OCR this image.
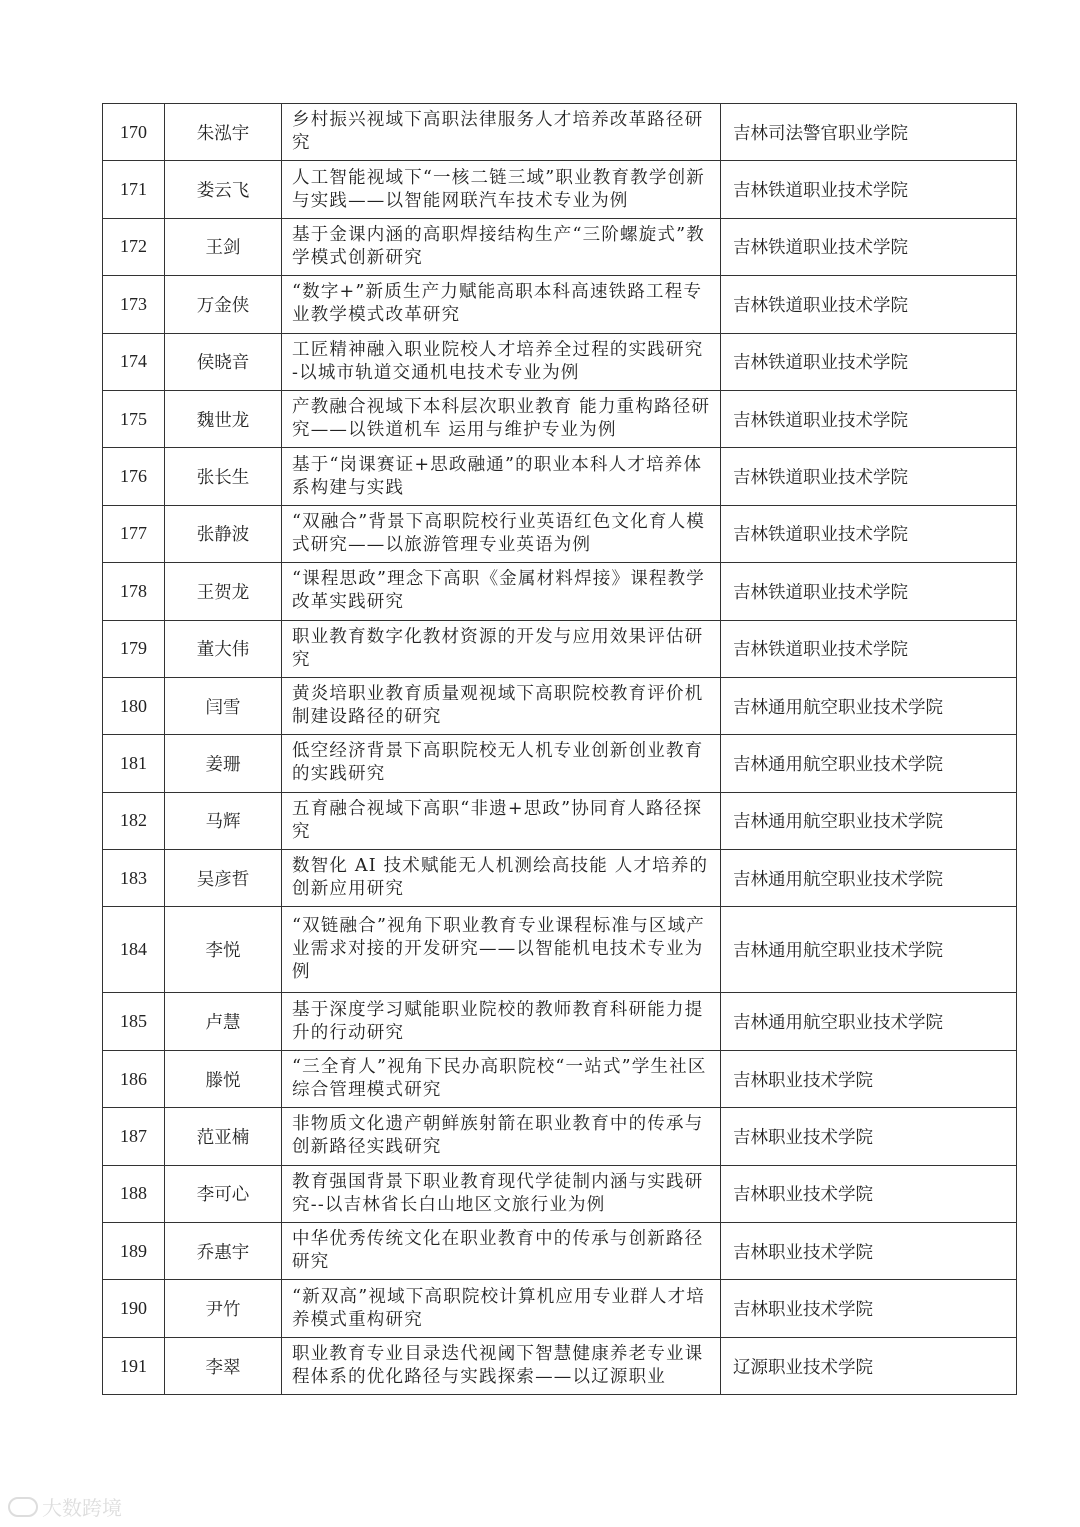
170	朱泓宇	乡村振兴视域下高职法律服务人才培养改革路径研究	吉林司法警官职业学院
171	娄云飞	人工智能视域下“一核二链三域”职业教育教学创新与实践——以智能网联汽车技术专业为例	吉林铁道职业技术学院
172	王剑	基于金课内涵的高职焊接结构生产“三阶螺旋式”教学模式创新研究	吉林铁道职业技术学院
173	万金侠	“数字+”新质生产力赋能高职本科高速铁路工程专业教学模式改革研究	吉林铁道职业技术学院
174	侯晓音	工匠精神融入职业院校人才培养全过程的实践研究 -以城市轨道交通机电技术专业为例	吉林铁道职业技术学院
175	魏世龙	产教融合视域下本科层次职业教育 能力重构路径研究——以铁道机车 运用与维护专业为例	吉林铁道职业技术学院
176	张长生	基于“岗课赛证+思政融通”的职业本科人才培养体系构建与实践	吉林铁道职业技术学院
177	张静波	“双融合”背景下高职院校行业英语红色文化育人模式研究——以旅游管理专业英语为例	吉林铁道职业技术学院
178	王贺龙	“课程思政”理念下高职《金属材料焊接》课程教学改革实践研究	吉林铁道职业技术学院
179	董大伟	职业教育数字化教材资源的开发与应用效果评估研究	吉林铁道职业技术学院
180	闫雪	黄炎培职业教育质量观视域下高职院校教育评价机制建设路径的研究	吉林通用航空职业技术学院
181	姜珊	低空经济背景下高职院校无人机专业创新创业教育的实践研究	吉林通用航空职业技术学院
182	马辉	五育融合视域下高职“非遗+思政”协同育人路径探究	吉林通用航空职业技术学院
183	吴彦哲	数智化 AI 技术赋能无人机测绘高技能 人才培养的创新应用研究	吉林通用航空职业技术学院
184	李悦	“双链融合”视角下职业教育专业课程标准与区域产业需求对接的开发研究——以智能机电技术专业为例	吉林通用航空职业技术学院
185	卢慧	基于深度学习赋能职业院校的教师教育科研能力提升的行动研究	吉林通用航空职业技术学院
186	滕悦	“三全育人”视角下民办高职院校“一站式”学生社区综合管理模式研究	吉林职业技术学院
187	范亚楠	非物质文化遗产朝鲜族射箭在职业教育中的传承与创新路径实践研究	吉林职业技术学院
188	李可心	教育强国背景下职业教育现代学徒制内涵与实践研究--以吉林省长白山地区文旅行业为例	吉林职业技术学院
189	乔惠宇	中华优秀传统文化在职业教育中的传承与创新路径研究	吉林职业技术学院
190	尹竹	“新双高”视域下高职院校计算机应用专业群人才培养模式重构研究	吉林职业技术学院
191	李翠	职业教育专业目录迭代视阈下智慧健康养老专业课程体系的优化路径与实践探索——以辽源职业	辽源职业技术学院
大数跨境
